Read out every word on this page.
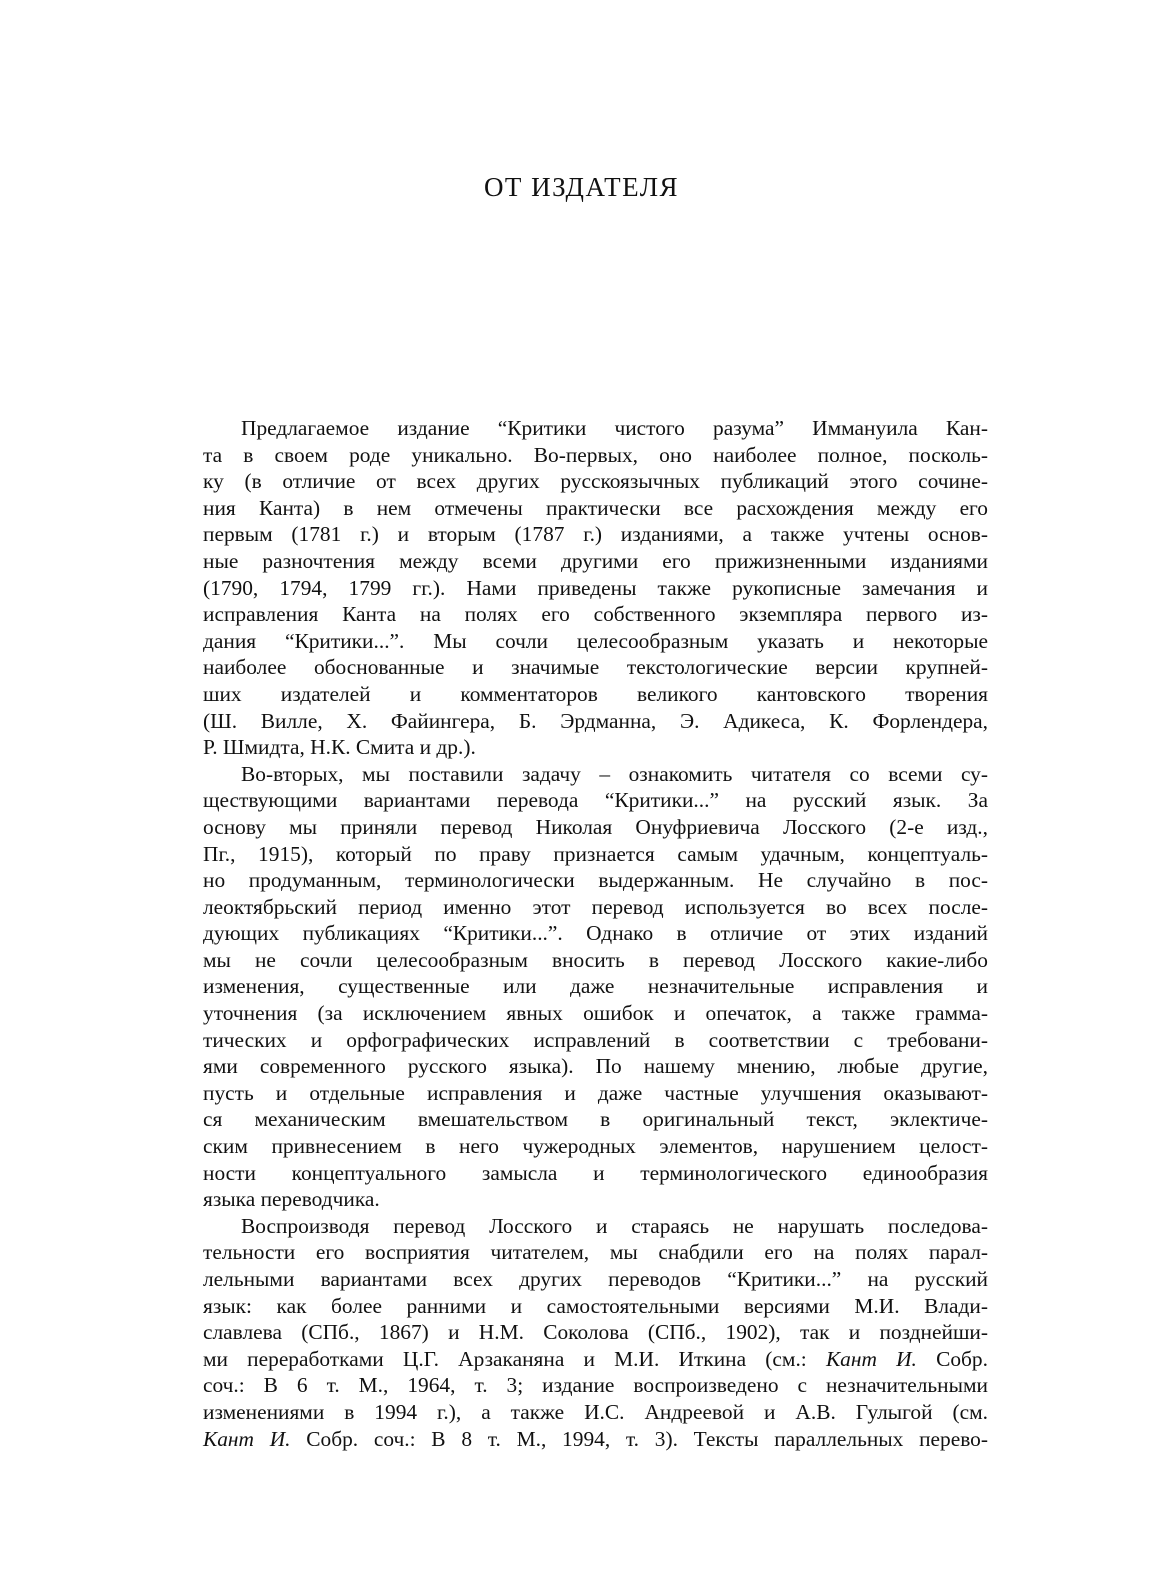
ОТ ИЗДАТЕЛЯ
Предлагаемое издание “Критики чистого разума” Иммануила Кан-
та в своем роде уникально. Во-первых, оно наиболее полное, посколь-
ку (в отличие от всех других русскоязычных публикаций этого сочине-
ния Канта) в нем отмечены практически все расхождения между его
первым (1781 г.) и вторым (1787 г.) изданиями, а также учтены основ-
ные разночтения между всеми другими его прижизненными изданиями
(1790, 1794, 1799 гг.). Нами приведены также рукописные замечания и
исправления Канта на полях его собственного экземпляра первого из-
дания “Критики...”. Мы сочли целесообразным указать и некоторые
наиболее обоснованные и значимые текстологические версии крупней-
ших издателей и комментаторов великого кантовского творения
(Ш. Вилле, Х. Файингера, Б. Эрдманна, Э. Адикеса, К. Форлендера,
Р. Шмидта, Н.К. Смита и др.).
Во-вторых, мы поставили задачу – ознакомить читателя со всеми су-
ществующими вариантами перевода “Критики...” на русский язык. За
основу мы приняли перевод Николая Онуфриевича Лосского (2-е изд.,
Пг., 1915), который по праву признается самым удачным, концептуаль-
но продуманным, терминологически выдержанным. Не случайно в пос-
леоктябрьский период именно этот перевод используется во всех после-
дующих публикациях “Критики...”. Однако в отличие от этих изданий
мы не сочли целесообразным вносить в перевод Лосского какие-либо
изменения, существенные или даже незначительные исправления и
уточнения (за исключением явных ошибок и опечаток, а также грамма-
тических и орфографических исправлений в соответствии с требовани-
ями современного русского языка). По нашему мнению, любые другие,
пусть и отдельные исправления и даже частные улучшения оказывают-
ся механическим вмешательством в оригинальный текст, эклектиче-
ским привнесением в него чужеродных элементов, нарушением целост-
ности концептуального замысла и терминологического единообразия
языка переводчика.
Воспроизводя перевод Лосского и стараясь не нарушать последова-
тельности его восприятия читателем, мы снабдили его на полях парал-
лельными вариантами всех других переводов “Критики...” на русский
язык: как более ранними и самостоятельными версиями М.И. Влади-
славлева (СПб., 1867) и Н.М. Соколова (СПб., 1902), так и позднейши-
ми переработками Ц.Г. Арзаканяна и М.И. Иткина (см.: Кант И. Собр.
соч.: В 6 т. М., 1964, т. 3; издание воспроизведено с незначительными
изменениями в 1994 г.), а также И.С. Андреевой и А.В. Гулыгой (см.
Кант И. Собр. соч.: В 8 т. М., 1994, т. 3). Тексты параллельных перево-
